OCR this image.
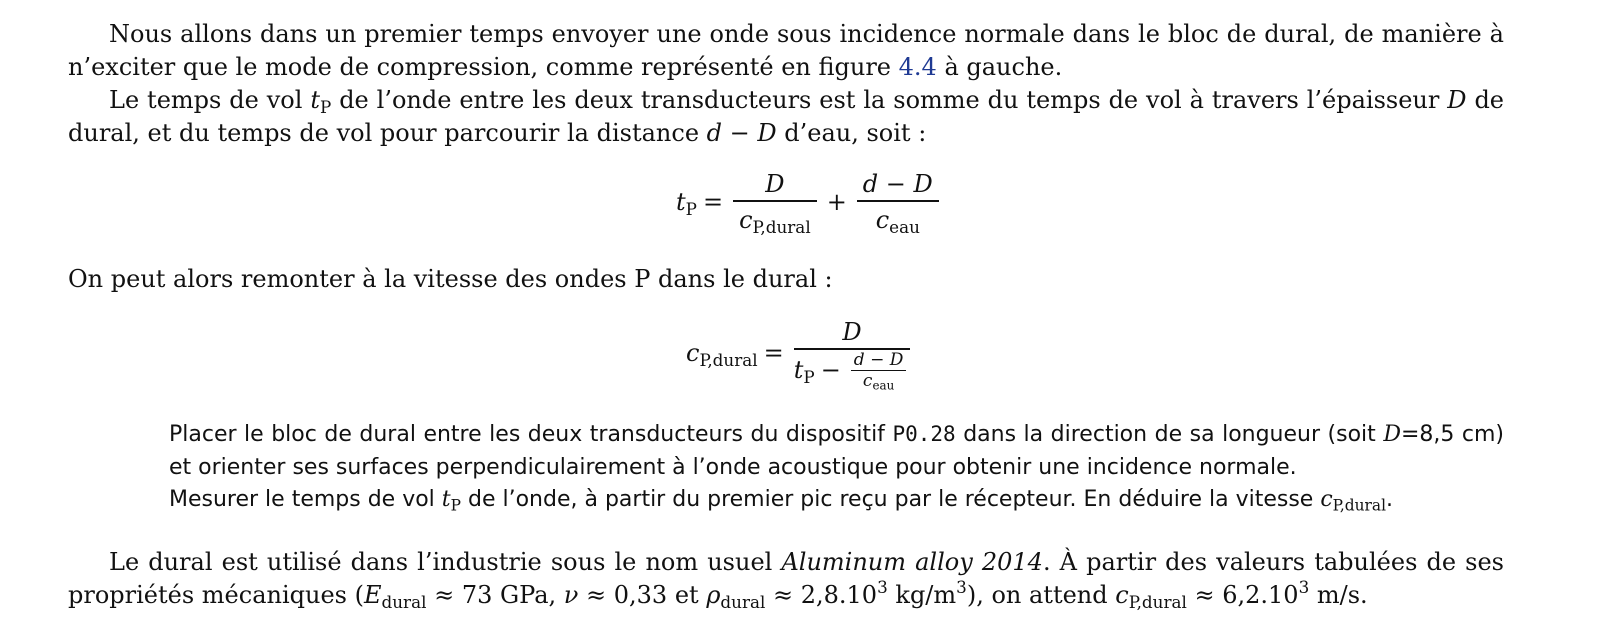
Nous allons dans un premier temps envoyer une onde sous incidence normale dans le bloc de dural, de manière à n’exciter que le mode de compression, comme représenté en figure 4.4 à gauche.

Le temps de vol $t_P$ de l’onde entre les deux transducteurs est la somme du temps de vol à travers l’épaisseur D de dural, et du temps de vol pour parcourir la distance d − D d’eau, soit :

$t_P = \frac{D}{c_{P,dural}} + \frac{d - D}{c_{eau}}$

On peut alors remonter à la vitesse des ondes P dans le dural :

$c_{P,dural}$ =
D
$t_P - \frac{d - D}{c_{eau}}$

Placer le bloc de dural entre les deux transducteurs du dispositif P0.28 dans la direction de sa longueur (soit D=8,5 cm) et orienter ses surfaces perpendiculairement à l’onde acoustique pour obtenir une incidence normale.

Mesurer le temps de vol $t_P$ de l’onde, à partir du premier pic reçu par le récepteur. En déduire la vitesse $c_{P,dural}$.

Le dural est utilisé dans l’industrie sous le nom usuel Aluminum alloy 2014. À partir des valeurs tabulées de ses propriétés mécaniques ($E_{dural} \approx 73$ GPa, ν ≈ 0,33 et $\rho_{dural} \approx 2,8.10^3$ $kg/m^3$), on attend $c_{P,dural} \approx 6,2.10^3$ m/s.
